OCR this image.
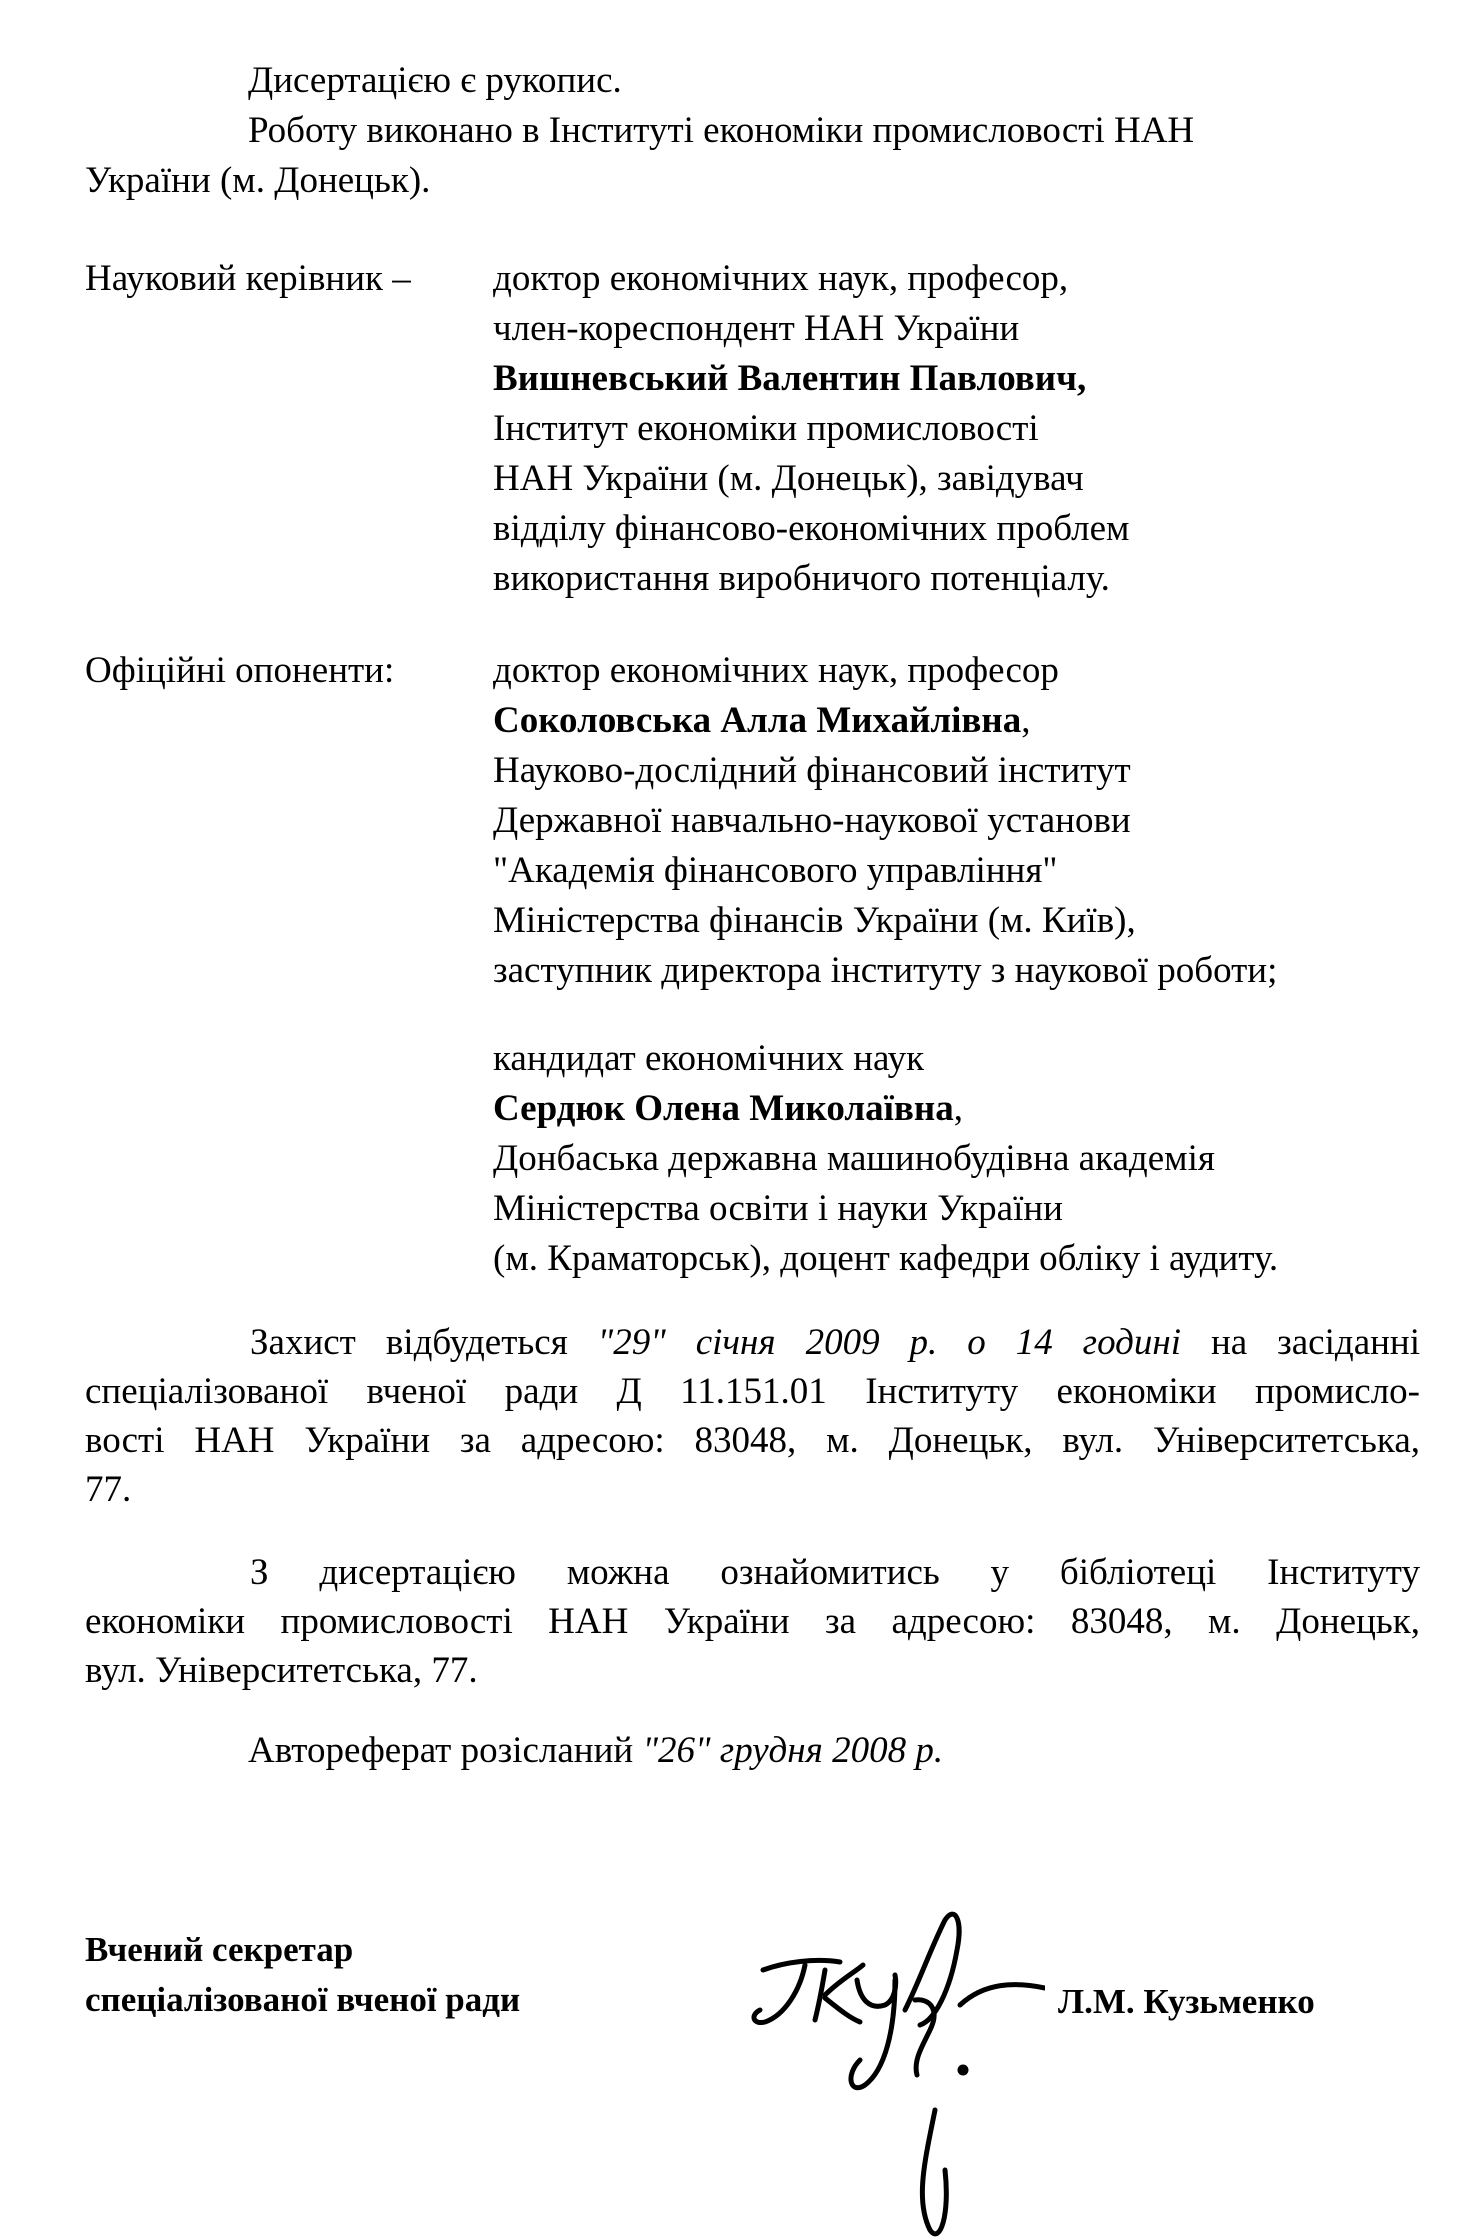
Дисертацією є рукопис.
Роботу виконано в Інституті економіки промисловості НАН
України (м. Донецьк).
Науковий керівник – доктор економічних наук, професор,
член-кореспондент НАН України
Вишневський Валентин Павлович,
Інститут економіки промисловості
НАН України (м. Донецьк), завідувач
відділу фінансово-економічних проблем
використання виробничого потенціалу.
Офіційні опоненти:	доктор економічних наук, професор
Соколовська Алла Михайлівна,
Науково-дослідний фінансовий інститут
Державної навчально-наукової установи
"Академія фінансового управління"
Міністерства фінансів України (м. Київ),
заступник директора інституту з наукової роботи;
кандидат економічних наук
Сердюк Олена Миколаївна,
Донбаська державна машинобудівна академія
Міністерства освіти і науки України
(м. Краматорськ), доцент кафедри обліку і аудиту.
Захист відбудеться "29" січня 2009 р. о 14 годині на засіданні
спеціалізованої вченої ради Д 11.151.01 Інституту економіки промисло-
вості НАН України за адресою: 83048, м. Донецьк, вул. Університетська,
77.
З дисертацією можна ознайомитись у бібліотеці Інституту
економіки промисловості НАН України за адресою: 83048, м. Донецьк,
вул. Університетська, 77.
Автореферат розісланий "26" грудня 2008 р.
Вчений секретар
спеціалізованої вченої ради	Л.М. Кузьменко
